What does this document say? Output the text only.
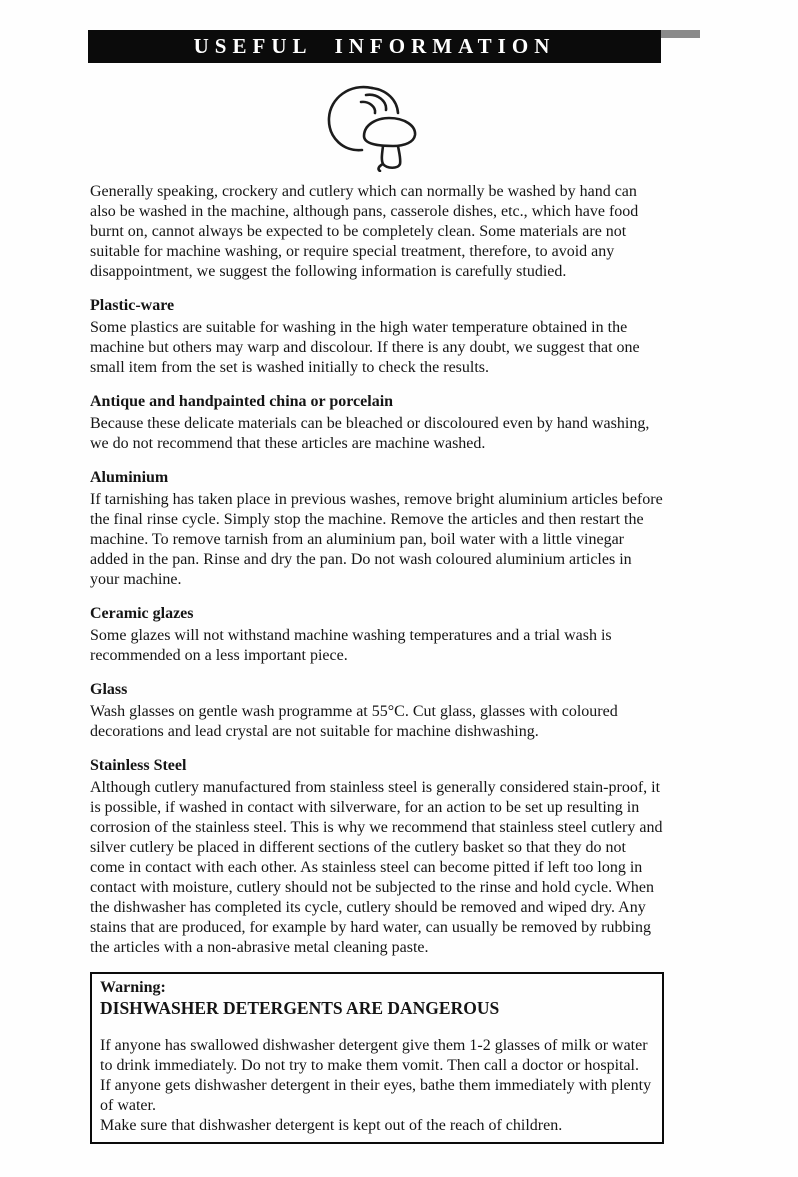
USEFUL INFORMATION

Generally speaking, crockery and cutlery which can normally be washed by hand can also be washed in the machine, although pans, casserole dishes, etc., which have food burnt on, cannot always be expected to be completely clean. Some materials are not suitable for machine washing, or require special treatment, therefore, to avoid any disappointment, we suggest the following information is carefully studied.

Plastic-ware

Some plastics are suitable for washing in the high water temperature obtained in the machine but others may warp and discolour. If there is any doubt, we suggest that one small item from the set is washed initially to check the results.

Antique and handpainted china or porcelain

Because these delicate materials can be bleached or discoloured even by hand washing, we do not recommend that these articles are machine washed.

Aluminium

If tarnishing has taken place in previous washes, remove bright aluminium articles before the final rinse cycle. Simply stop the machine. Remove the articles and then restart the machine. To remove tarnish from an aluminium pan, boil water with a little vinegar added in the pan. Rinse and dry the pan. Do not wash coloured aluminium articles in your machine.

Ceramic glazes

Some glazes will not withstand machine washing temperatures and a trial wash is recommended on a less important piece.

Glass

Wash glasses on gentle wash programme at 55°C. Cut glass, glasses with coloured decorations and lead crystal are not suitable for machine dishwashing.

Stainless Steel

Although cutlery manufactured from stainless steel is generally considered stain-proof, it is possible, if washed in contact with silverware, for an action to be set up resulting in corrosion of the stainless steel. This is why we recommend that stainless steel cutlery and silver cutlery be placed in different sections of the cutlery basket so that they do not come in contact with each other. As stainless steel can become pitted if left too long in contact with moisture, cutlery should not be subjected to the rinse and hold cycle. When the dishwasher has completed its cycle, cutlery should be removed and wiped dry. Any stains that are produced, for example by hard water, can usually be removed by rubbing the articles with a non-abrasive metal cleaning paste.

Warning:

DISHWASHER DETERGENTS ARE DANGEROUS

If anyone has swallowed dishwasher detergent give them 1-2 glasses of milk or water to drink immediately. Do not try to make them vomit. Then call a doctor or hospital.

If anyone gets dishwasher detergent in their eyes, bathe them immediately with plenty of water.

Make sure that dishwasher detergent is kept out of the reach of children.
